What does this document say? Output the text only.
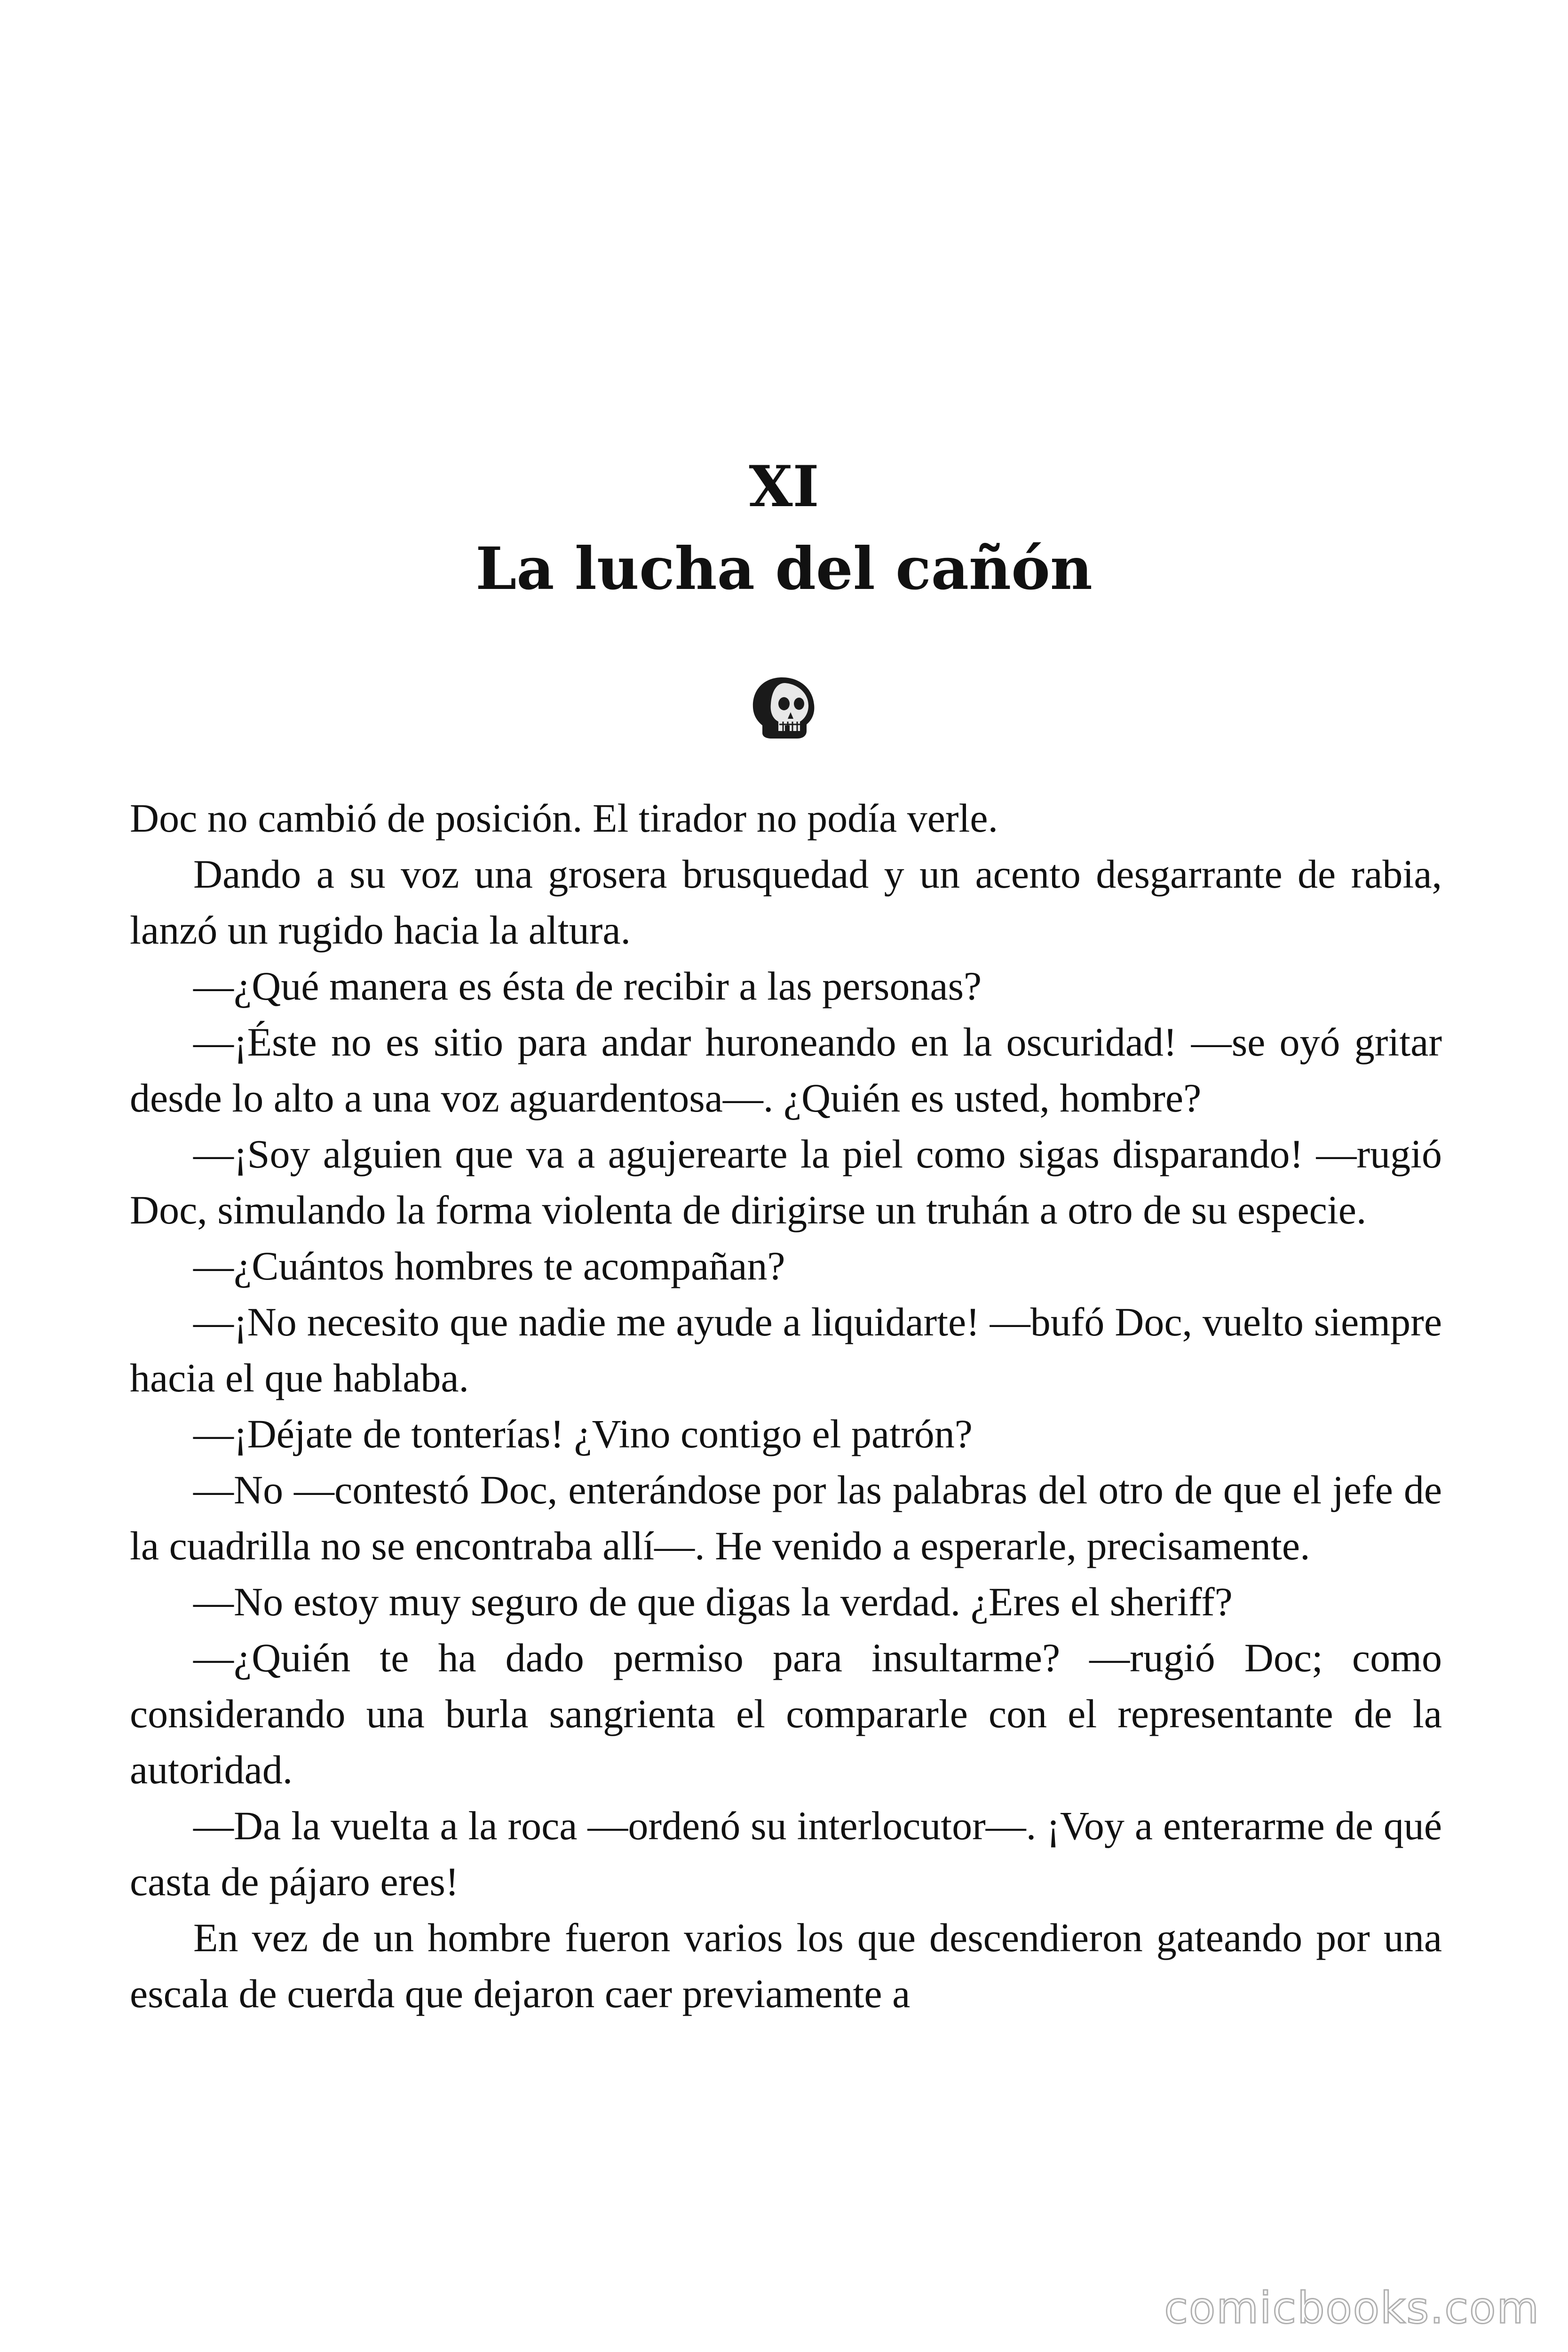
XI
La lucha del cañón

Doc no cambió de posición. El tirador no podía verle.

Dando a su voz una grosera brusquedad y un acento desgarrante de rabia, lanzó un rugido hacia la altura.

—¿Qué manera es ésta de recibir a las personas?

—¡Éste no es sitio para andar huroneando en la oscuridad! —se oyó gritar desde lo alto a una voz aguardentosa—. ¿Quién es usted, hombre?

—¡Soy alguien que va a agujerearte la piel como sigas disparando! —rugió Doc, simulando la forma violenta de dirigirse un truhán a otro de su especie.

—¿Cuántos hombres te acompañan?

—¡No necesito que nadie me ayude a liquidarte! —bufó Doc, vuelto siempre hacia el que hablaba.

—¡Déjate de tonterías! ¿Vino contigo el patrón?

—No —contestó Doc, enterándose por las palabras del otro de que el jefe de la cuadrilla no se encontraba allí—. He venido a esperarle, precisamente.

—No estoy muy seguro de que digas la verdad. ¿Eres el sheriff?

—¿Quién te ha dado permiso para insultarme? —rugió Doc; como considerando una burla sangrienta el compararle con el representante de la autoridad.

—Da la vuelta a la roca —ordenó su interlocutor—. ¡Voy a enterarme de qué casta de pájaro eres!

En vez de un hombre fueron varios los que descendieron gateando por una escala de cuerda que dejaron caer previamente a

comicbooks.com
